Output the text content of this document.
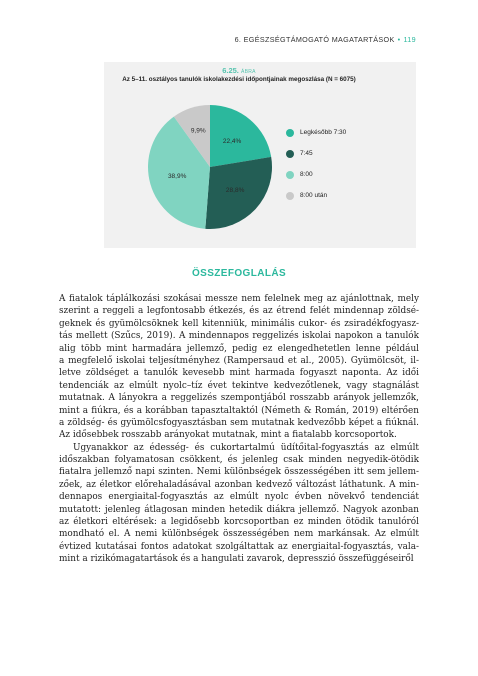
6. EGÉSZSÉGTÁMOGATÓ MAGATARTÁSOK • 119
6.25. ÁBRA
Az 5–11. osztályos tanulók iskolakezdési időpontjainak megoszlása (N = 6075)
22,4%
28,8%
38,9%
9,9%	Legkésőbb 7:30
7:45
8:00
8:00 után
ÖSSZEFOGLALÁS
A fiatalok táplálkozási szokásai messze nem felelnek meg az ajánlottnak, mely
szerint a reggeli a legfontosabb étkezés, és az étrend felét mindennap zöldsé-
geknek és gyümölcsöknek kell kitenniük, minimális cukor- és zsiradékfogyasz-
tás mellett (Szűcs, 2019). A mindennapos reggelizés iskolai napokon a tanulók
alig több mint harmadára jellemző, pedig ez elengedhetetlen lenne például
a megfelelő iskolai teljesítményhez (Rampersaud et al., 2005). Gyümölcsöt, il-
letve zöldséget a tanulók kevesebb mint harmada fogyaszt naponta. Az idői
tendenciák az elmúlt nyolc–tíz évet tekintve kedvezőtlenek, vagy stagnálást
mutatnak. A lányokra a reggelizés szempontjából rosszabb arányok jellemzők,
mint a fiúkra, és a korábban tapasztaltaktól (Németh & Román, 2019) eltérően
a zöldség- és gyümölcsfogyasztásban sem mutatnak kedvezőbb képet a fiúknál.
Az idősebbek rosszabb arányokat mutatnak, mint a fiatalabb korcsoportok.
Ugyanakkor az édesség- és cukortartalmú üdítőital-fogyasztás az elmúlt
időszakban folyamatosan csökkent, és jelenleg csak minden negyedik-ötödik
fiatalra jellemző napi szinten. Nemi különbségek összességében itt sem jellem-
zőek, az életkor előrehaladásával azonban kedvező változást láthatunk. A min-
dennapos energiaital-fogyasztás az elmúlt nyolc évben növekvő tendenciát
mutatott: jelenleg átlagosan minden hetedik diákra jellemző. Nagyok azonban
az életkori eltérések: a legidősebb korcsoportban ez minden ötödik tanulóról
mondható el. A nemi különbségek összességében nem markánsak. Az elmúlt
évtized kutatásai fontos adatokat szolgáltattak az energiaital-fogyasztás, vala-
mint a rizikómagatartások és a hangulati zavarok, depresszió összefüggéseiről
